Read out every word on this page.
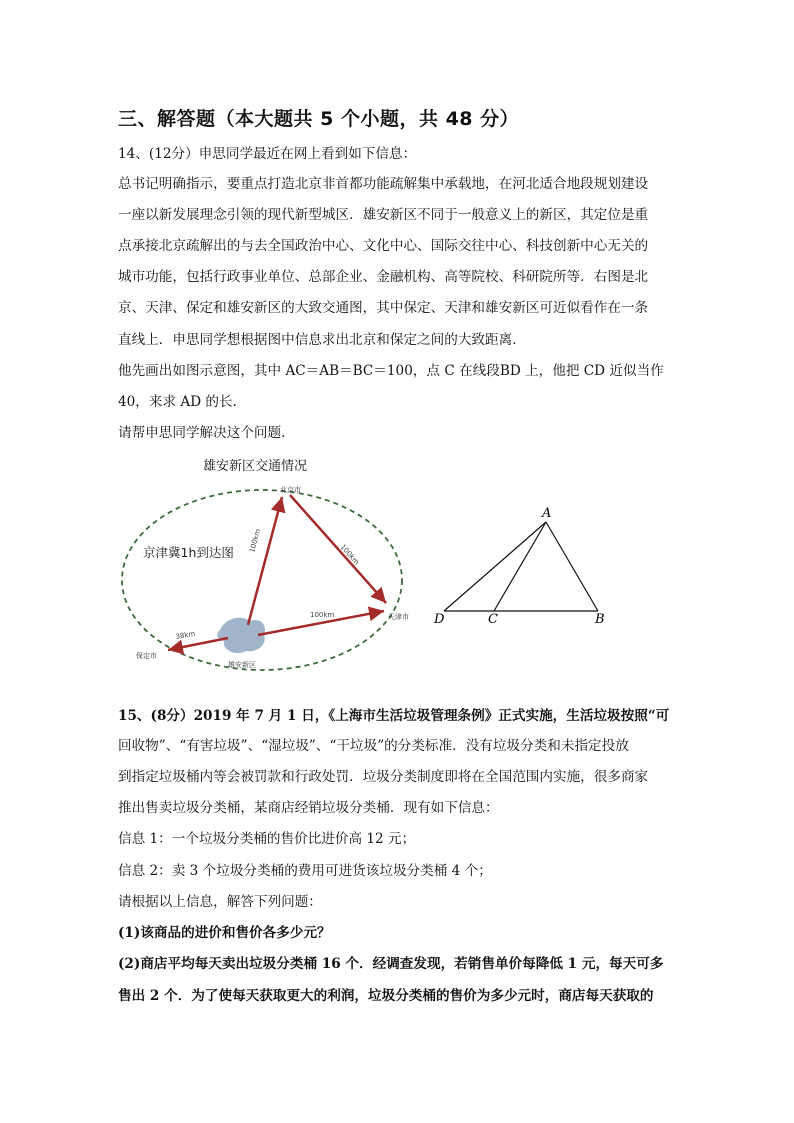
三、解答题（本大题共 5 个小题，共 48 分）
14、(12分）申思同学最近在网上看到如下信息：
总书记明确指示，要重点打造北京非首都功能疏解集中承载地，在河北适合地段规划建设
一座以新发展理念引领的现代新型城区．雄安新区不同于一般意义上的新区，其定位是重
点承接北京疏解出的与去全国政治中心、文化中心、国际交往中心、科技创新中心无关的
城市功能，包括行政事业单位、总部企业、金融机构、高等院校、科研院所等．右图是北
京、天津、保定和雄安新区的大致交通图，其中保定、天津和雄安新区可近似看作在一条
直线上．申思同学想根据图中信息求出北京和保定之间的大致距离．
他先画出如图示意图，其中 AC＝AB＝BC＝100，点 C 在线段BD 上，他把 CD 近似当作
40，来求 AD 的长．
请帮申思同学解决这个问题．
雄安新区交通情况
京津冀1h到达图
北京市
天津市
保定市
雄安新区
100km
100km
100km
38km
A
D	C	B
15、(8分）2019 年 7 月 1 日，《上海市生活垃圾管理条例》正式实施，生活垃圾按照“可
回收物”、“有害垃圾”、“湿垃圾”、“干垃圾”的分类标准．没有垃圾分类和未指定投放
到指定垃圾桶内等会被罚款和行政处罚．垃圾分类制度即将在全国范围内实施，很多商家
推出售卖垃圾分类桶，某商店经销垃圾分类桶．现有如下信息：
信息 1：一个垃圾分类桶的售价比进价高 12 元；
信息 2：卖 3 个垃圾分类桶的费用可进货该垃圾分类桶 4 个；
请根据以上信息，解答下列问题：
(1)该商品的进价和售价各多少元？
(2)商店平均每天卖出垃圾分类桶 16 个．经调查发现，若销售单价每降低 1 元，每天可多
售出 2 个．为了使每天获取更大的利润，垃圾分类桶的售价为多少元时，商店每天获取的
